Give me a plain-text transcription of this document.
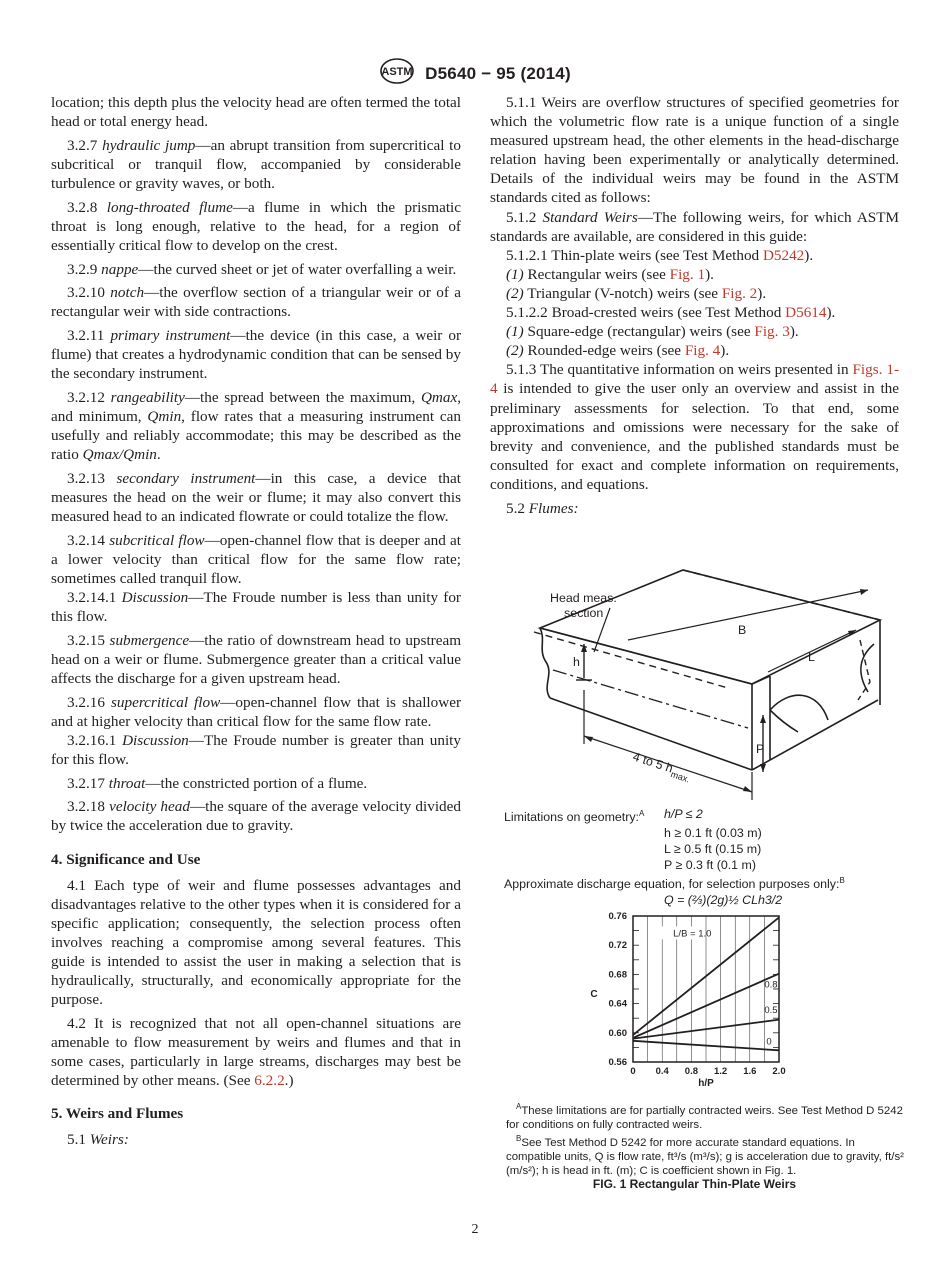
ASTM D5640 − 95 (2014)

location; this depth plus the velocity head are often termed the total head or total energy head.

3.2.7 hydraulic jump—an abrupt transition from supercritical to subcritical or tranquil flow, accompanied by considerable turbulence or gravity waves, or both.

3.2.8 long-throated flume—a flume in which the prismatic throat is long enough, relative to the head, for a region of essentially critical flow to develop on the crest.

3.2.9 nappe—the curved sheet or jet of water overfalling a weir.

3.2.10 notch—the overflow section of a triangular weir or of a rectangular weir with side contractions.

3.2.11 primary instrument—the device (in this case, a weir or flume) that creates a hydrodynamic condition that can be sensed by the secondary instrument.

3.2.12 rangeability—the spread between the maximum, Qmax, and minimum, Qmin, flow rates that a measuring instrument can usefully and reliably accommodate; this may be described as the ratio Qmax/Qmin.

3.2.13 secondary instrument—in this case, a device that measures the head on the weir or flume; it may also convert this measured head to an indicated flowrate or could totalize the flow.

3.2.14 subcritical flow—open-channel flow that is deeper and at a lower velocity than critical flow for the same flow rate; sometimes called tranquil flow.

3.2.14.1 Discussion—The Froude number is less than unity for this flow.

3.2.15 submergence—the ratio of downstream head to upstream head on a weir or flume. Submergence greater than a critical value affects the discharge for a given upstream head.

3.2.16 supercritical flow—open-channel flow that is shallower and at higher velocity than critical flow for the same flow rate.

3.2.16.1 Discussion—The Froude number is greater than unity for this flow.

3.2.17 throat—the constricted portion of a flume.

3.2.18 velocity head—the square of the average velocity divided by twice the acceleration due to gravity.

4. Significance and Use

4.1 Each type of weir and flume possesses advantages and disadvantages relative to the other types when it is considered for a specific application; consequently, the selection process often involves reaching a compromise among several features. This guide is intended to assist the user in making a selection that is hydraulically, structurally, and economically appropriate for the purpose.

4.2 It is recognized that not all open-channel situations are amenable to flow measurement by weirs and flumes and that in some cases, particularly in large streams, discharges may best be determined by other means. (See 6.2.2.)

5. Weirs and Flumes

5.1 Weirs:

5.1.1 Weirs are overflow structures of specified geometries for which the volumetric flow rate is a unique function of a single measured upstream head, the other elements in the head-discharge relation having been experimentally or analytically determined. Details of the individual weirs may be found in the ASTM standards cited as follows:

5.1.2 Standard Weirs—The following weirs, for which ASTM standards are available, are considered in this guide:

5.1.2.1 Thin-plate weirs (see Test Method D5242).

(1) Rectangular weirs (see Fig. 1).

(2) Triangular (V-notch) weirs (see Fig. 2).

5.1.2.2 Broad-crested weirs (see Test Method D5614).

(1) Square-edge (rectangular) weirs (see Fig. 3).

(2) Rounded-edge weirs (see Fig. 4).

5.1.3 The quantitative information on weirs presented in Figs. 1-4 is intended to give the user only an overview and assist in the preliminary assessments for selection. To that end, some approximations and omissions were necessary for the sake of brevity and convenience, and the published standards must be consulted for exact and complete information on requirements, conditions, and equations.

5.2 Flumes:

Head meas.
section
B
L
h
P
4 to 5 $h_{max.}$
Limitations on geometry:$^A$	h/P ≤ 2
h ≥ 0.1 ft (0.03 m)
L ≥ 0.5 ft (0.15 m)
P ≥ 0.3 ft (0.1 m)
Approximate discharge equation, for selection purposes only:$^B$
Q = (⅔)(2g)½ CLh3/2
L/B = 1.0
0.8
0.5
0
0.56
0.60
0.64
0.68
0.72
0.76
0 0.4 0.8 1.2 1.6 2.0
h/P
C

$^A$These limitations are for partially contracted weirs. See Test Method D 5242 for conditions on fully contracted weirs.

$^B$See Test Method D 5242 for more accurate standard equations. In compatible units, Q is flow rate, ft³/s (m³/s); g is acceleration due to gravity, ft/s² (m/s²); h is head in ft. (m); C is coefficient shown in Fig. 1.

FIG. 1 Rectangular Thin-Plate Weirs
2
